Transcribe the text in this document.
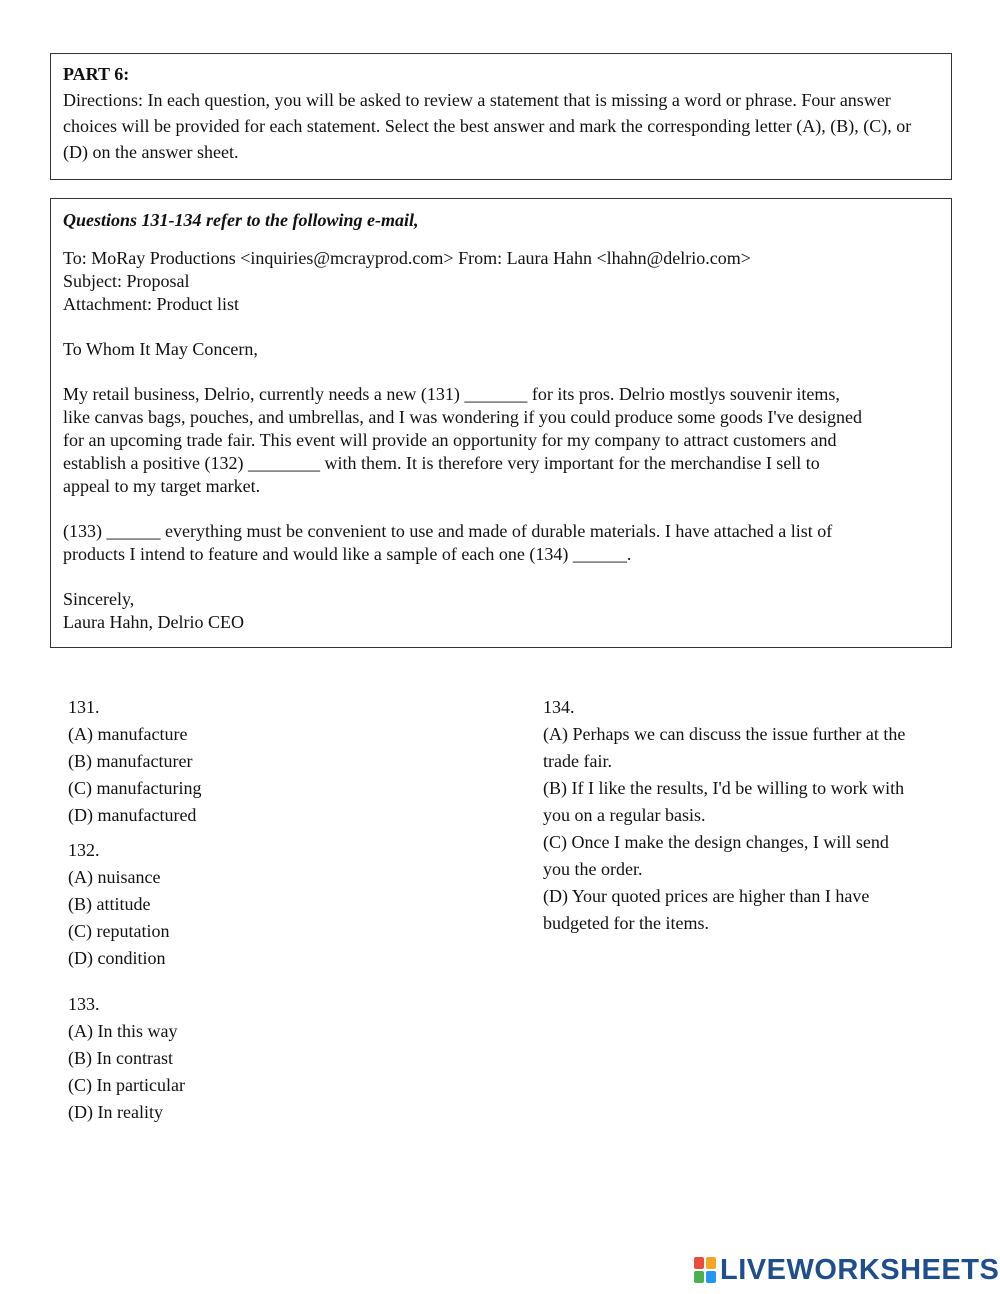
PART 6:
Directions: In each question, you will be asked to review a statement that is missing a word or phrase. Four answer choices will be provided for each statement. Select the best answer and mark the corresponding letter (A), (B), (C), or (D) on the answer sheet.
Questions 131-134 refer to the following e-mail,
To: MoRay Productions <inquiries@mcrayprod.com> From: Laura Hahn <lhahn@delrio.com>
Subject: Proposal
Attachment: Product list
To Whom It May Concern,
My retail business, Delrio, currently needs a new (131) _______ for its pros. Delrio mostlys souvenir items,
like canvas bags, pouches, and umbrellas, and I was wondering if you could produce some goods I've designed
for an upcoming trade fair. This event will provide an opportunity for my company to attract customers and
establish a positive (132) ________ with them. It is therefore very important for the merchandise I sell to
appeal to my target market.
(133) ______ everything must be convenient to use and made of durable materials. I have attached a list of
products I intend to feature and would like a sample of each one (134) ______.
Sincerely,
Laura Hahn, Delrio CEO
131.
(A) manufacture
(B) manufacturer
(C) manufacturing
(D) manufactured
132.
(A) nuisance
(B) attitude
(C) reputation
(D) condition
133.
(A) In this way
(B) In contrast
(C) In particular
(D) In reality
134.
(A) Perhaps we can discuss the issue further at the
trade fair.
(B) If I like the results, I'd be willing to work with
you on a regular basis.
(C) Once I make the design changes, I will send
you the order.
(D) Your quoted prices are higher than I have
budgeted for the items.
LIVEWORKSHEETS
